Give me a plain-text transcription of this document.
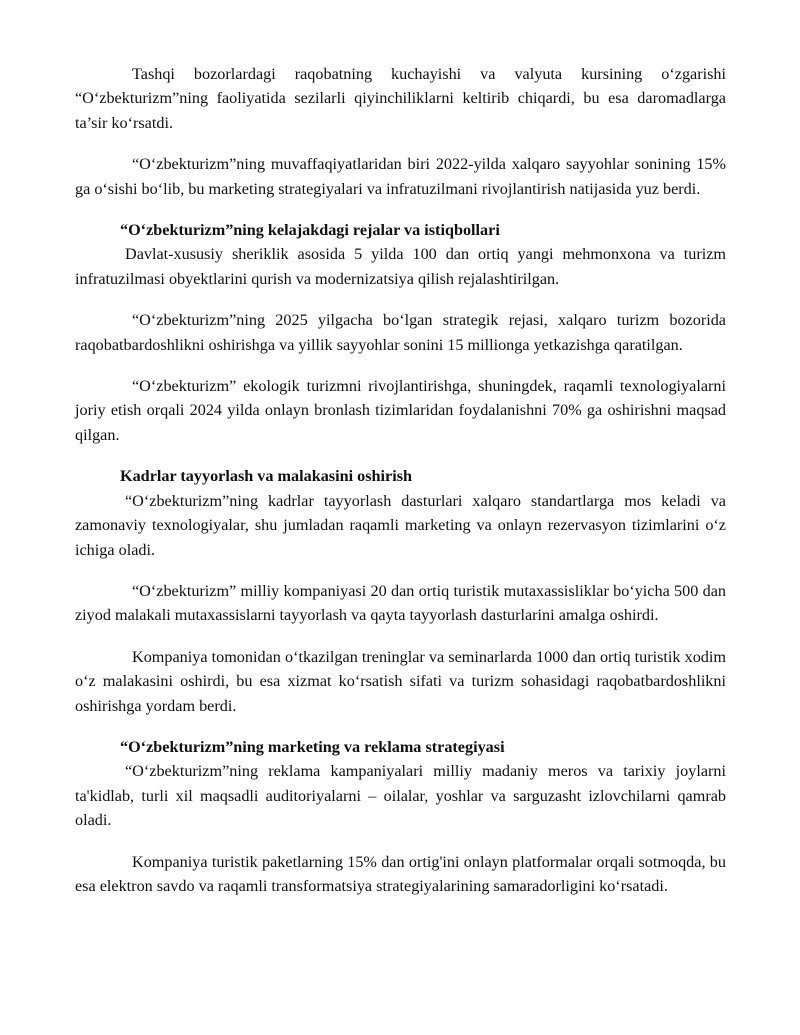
Tashqi bozorlardagi raqobatning kuchayishi va valyuta kursining o‘zgarishi “O‘zbekturizm”ning faoliyatida sezilarli qiyinchiliklarni keltirib chiqardi, bu esa daromadlarga ta’sir ko‘rsatdi.

“O‘zbekturizm”ning muvaffaqiyatlaridan biri 2022-yilda xalqaro sayyohlar sonining 15% ga o‘sishi bo‘lib, bu marketing strategiyalari va infratuzilmani rivojlantirish natijasida yuz berdi.

“O‘zbekturizm”ning kelajakdagi rejalar va istiqbollari

Davlat-xususiy sheriklik asosida 5 yilda 100 dan ortiq yangi mehmonxona va turizm infratuzilmasi obyektlarini qurish va modernizatsiya qilish rejalashtirilgan.

“O‘zbekturizm”ning 2025 yilgacha bo‘lgan strategik rejasi, xalqaro turizm bozorida raqobatbardoshlikni oshirishga va yillik sayyohlar sonini 15 millionga yetkazishga qaratilgan.

“O‘zbekturizm” ekologik turizmni rivojlantirishga, shuningdek, raqamli texnologiyalarni joriy etish orqali 2024 yilda onlayn bronlash tizimlaridan foydalanishni 70% ga oshirishni maqsad qilgan.

Kadrlar tayyorlash va malakasini oshirish

“O‘zbekturizm”ning kadrlar tayyorlash dasturlari xalqaro standartlarga mos keladi va zamonaviy texnologiyalar, shu jumladan raqamli marketing va onlayn rezervasyon tizimlarini o‘z ichiga oladi.

“O‘zbekturizm” milliy kompaniyasi 20 dan ortiq turistik mutaxassisliklar bo‘yicha 500 dan ziyod malakali mutaxassislarni tayyorlash va qayta tayyorlash dasturlarini amalga oshirdi.

Kompaniya tomonidan o‘tkazilgan treninglar va seminarlarda 1000 dan ortiq turistik xodim o‘z malakasini oshirdi, bu esa xizmat ko‘rsatish sifati va turizm sohasidagi raqobatbardoshlikni oshirishga yordam berdi.

“O‘zbekturizm”ning marketing va reklama strategiyasi

“O‘zbekturizm”ning reklama kampaniyalari milliy madaniy meros va tarixiy joylarni ta'kidlab, turli xil maqsadli auditoriyalarni – oilalar, yoshlar va sarguzasht izlovchilarni qamrab oladi.

Kompaniya turistik paketlarning 15% dan ortig'ini onlayn platformalar orqali sotmoqda, bu esa elektron savdo va raqamli transformatsiya strategiyalarining samaradorligini ko‘rsatadi.
